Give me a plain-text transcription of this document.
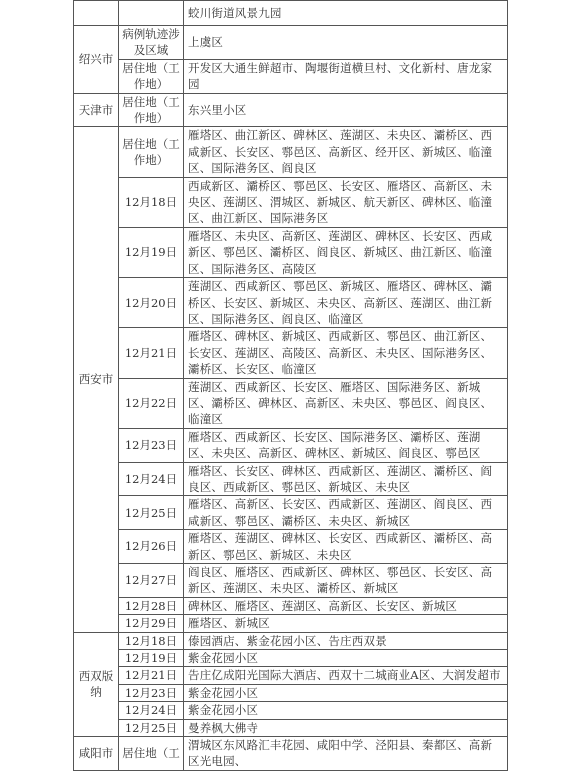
		蛟川街道风景九园
绍兴市	病例轨迹涉及区域	上虞区
	居住地（工作地）	开发区大通生鲜超市、陶堰街道横旦村、文化新村、唐龙家园
天津市	居住地（工作地）	东兴里小区
西安市	居住地（工作地）	雁塔区、曲江新区、碑林区、莲湖区、未央区、灞桥区、西咸新区、长安区、鄠邑区、高新区、经开区、新城区、临潼区、国际港务区、阎良区
	12月18日	西咸新区、灞桥区、鄠邑区、长安区、雁塔区、高新区、未央区、莲湖区、渭城区、新城区、航天新区、碑林区、临潼区、曲江新区、国际港务区
	12月19日	雁塔区、未央区、高新区、莲湖区、碑林区、长安区、西咸新区、鄠邑区、灞桥区、阎良区、新城区、曲江新区、临潼区、国际港务区、高陵区
	12月20日	莲湖区、西咸新区、鄠邑区、新城区、雁塔区、碑林区、灞桥区、长安区、新城区、未央区、高新区、莲湖区、曲江新区、国际港务区、阎良区、临潼区
	12月21日	雁塔区、碑林区、新城区、西咸新区、鄠邑区、曲江新区、长安区、莲湖区、高陵区、高新区、未央区、国际港务区、灞桥区、长安区、临潼区
	12月22日	莲湖区、西咸新区、长安区、雁塔区、国际港务区、新城区、灞桥区、碑林区、高新区、未央区、鄠邑区、阎良区、临潼区
	12月23日	雁塔区、西咸新区、长安区、国际港务区、灞桥区、莲湖区、未央区、高新区、碑林区、新城区、阎良区、鄠邑区
	12月24日	雁塔区、长安区、碑林区、西咸新区、莲湖区、灞桥区、阎良区、西咸新区、鄠邑区、新城区、未央区
	12月25日	雁塔区、高新区、长安区、西咸新区、莲湖区、阎良区、西咸新区、鄠邑区、灞桥区、未央区、新城区
	12月26日	雁塔区、莲湖区、碑林区、长安区、西咸新区、灞桥区、高新区、鄠邑区、新城区、未央区
	12月27日	阎良区、雁塔区、西咸新区、碑林区、鄠邑区、长安区、高新区、莲湖区、未央区、灞桥区、新城区
	12月28日	碑林区、雁塔区、莲湖区、高新区、长安区、新城区
	12月29日	雁塔区、新城区
西双版纳	12月18日	傣园酒店、紫金花园小区、告庄西双景
	12月19日	紫金花园小区
	12月21日	告庄亿成阳光国际大酒店、西双十二城商业A区、大润发超市
	12月23日	紫金花园小区
	12月24日	紫金花园小区
	12月25日	曼养枫大佛寺
咸阳市	居住地（工	渭城区东风路汇丰花园、咸阳中学、泾阳县、秦都区、高新区光电园、
